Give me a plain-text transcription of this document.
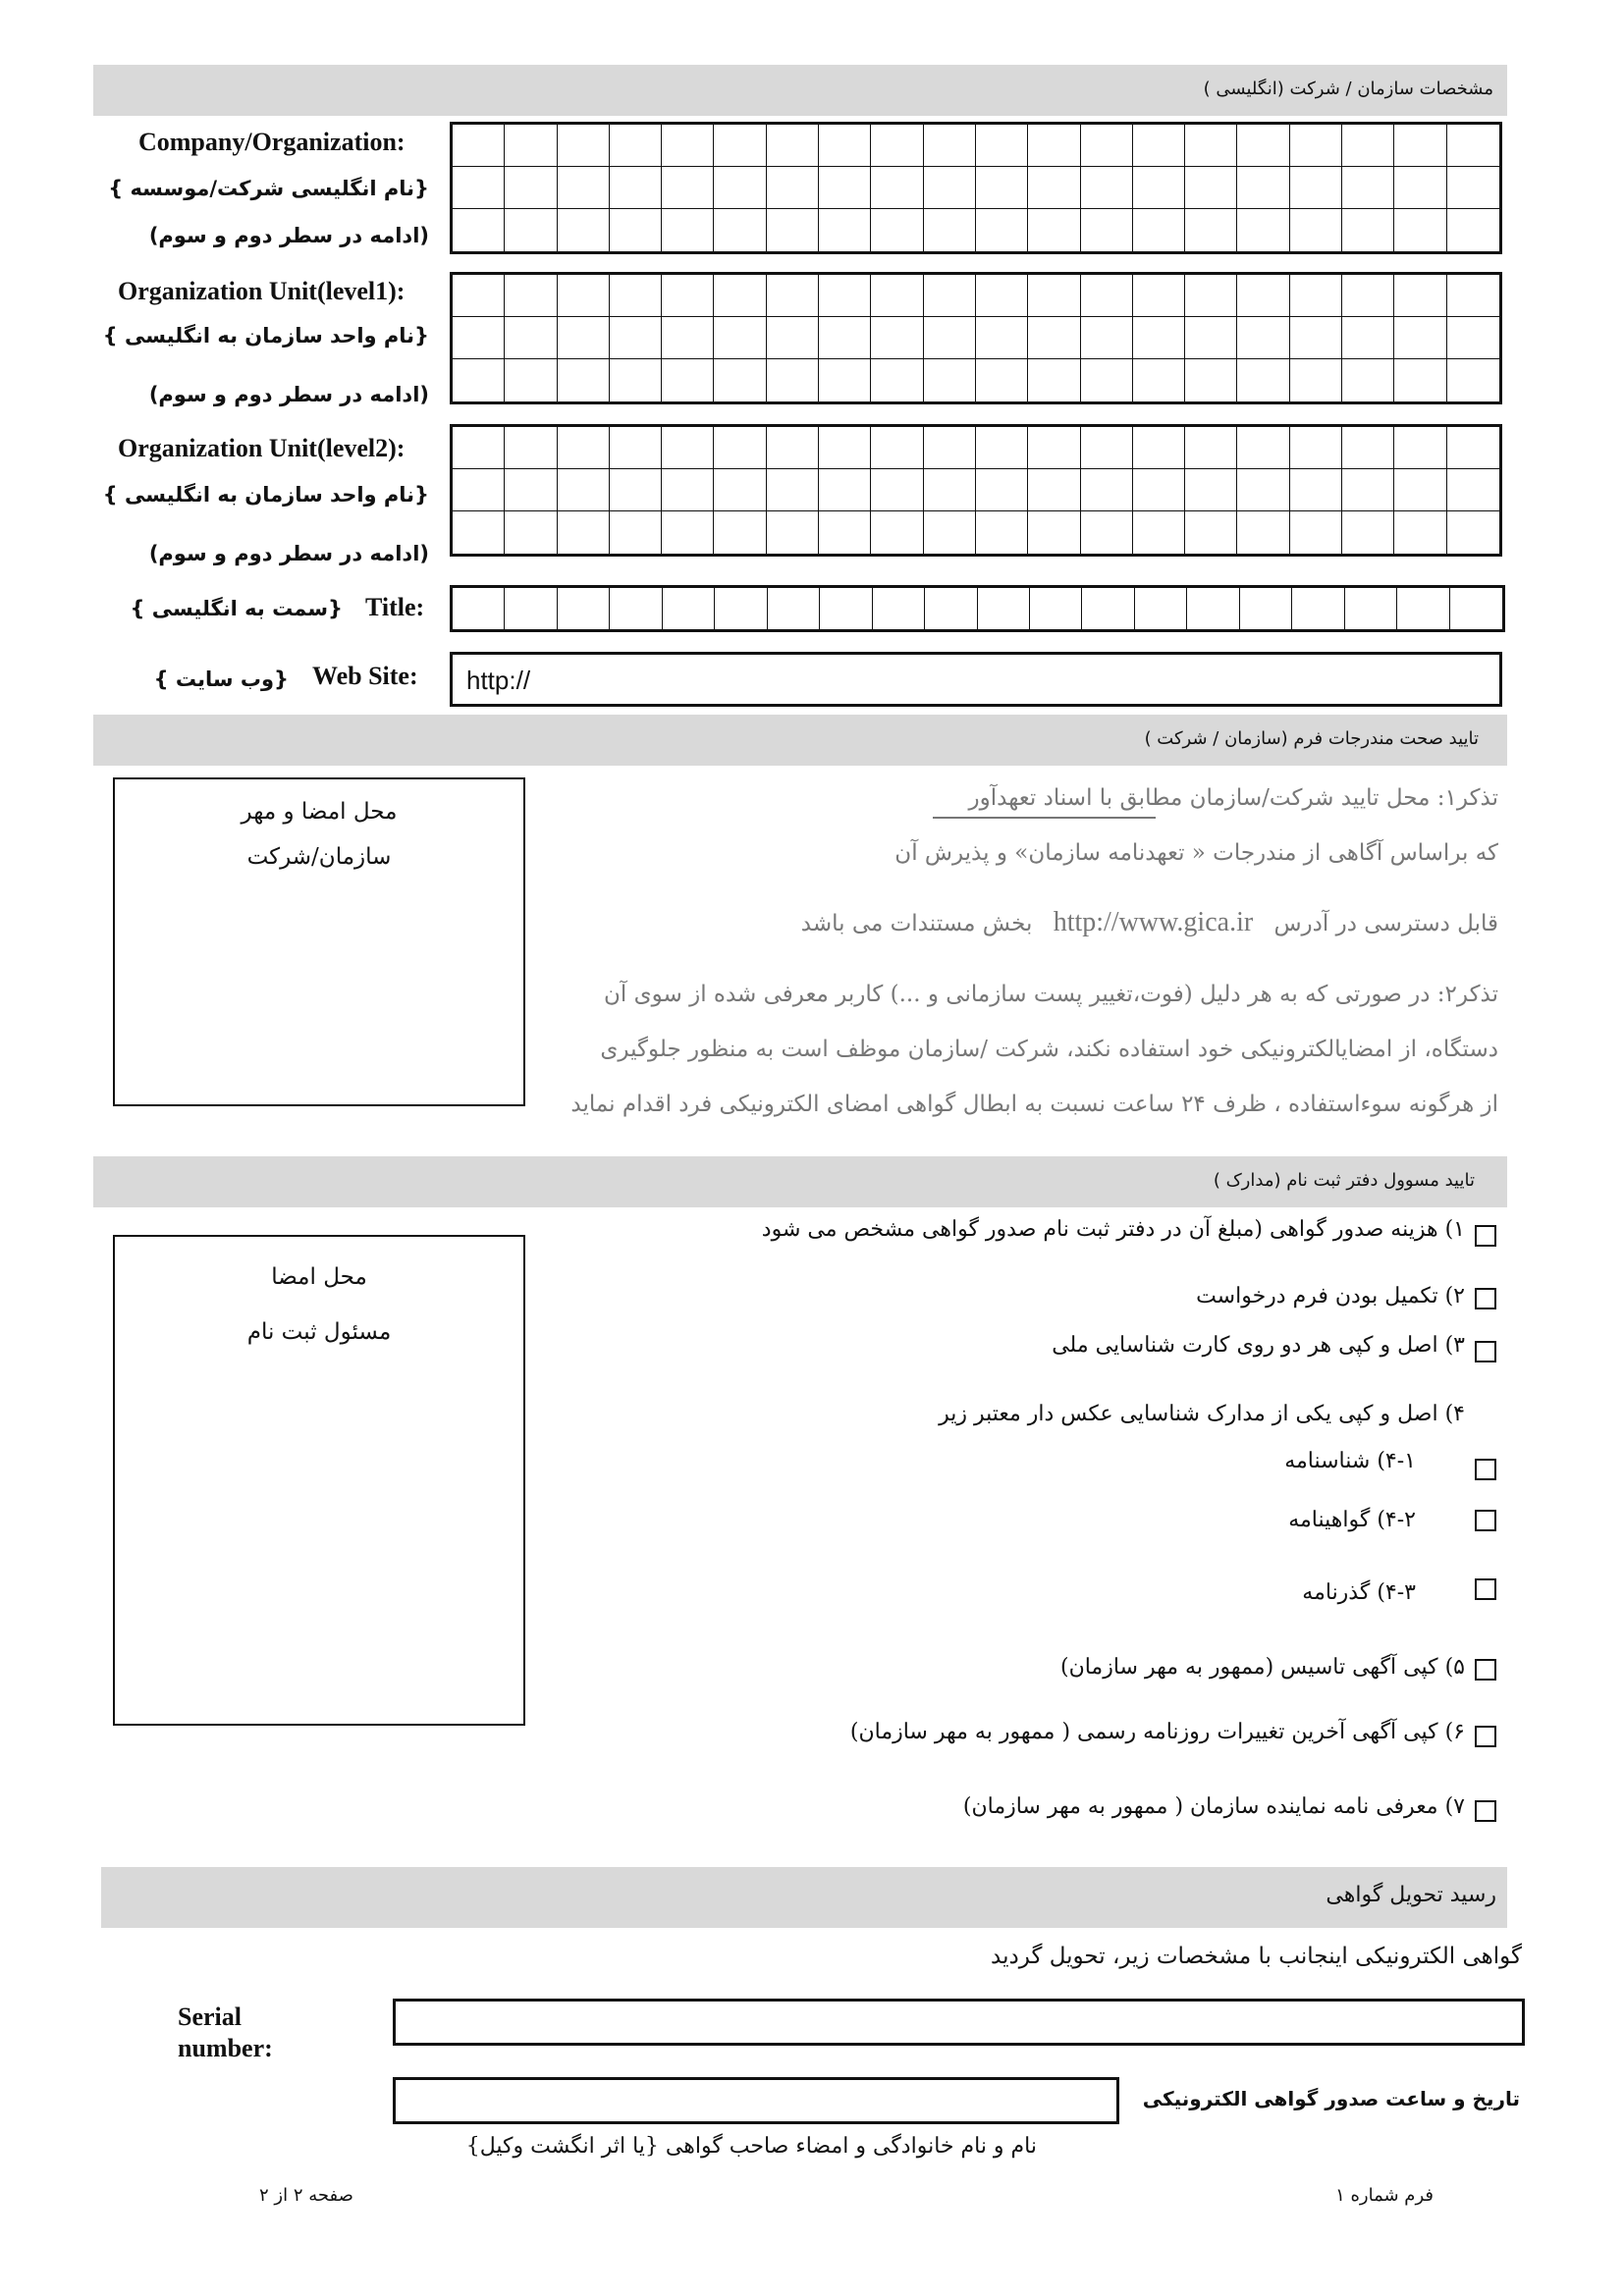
مشخصات سازمان / شرکت (انگلیسی )
Company/Organization:
{نام انگلیسی شرکت/موسسه }
(ادامه در سطر دوم و سوم)
Organization Unit(level1):
{نام واحد سازمان به انگلیسی }
(ادامه در سطر دوم و سوم)
Organization Unit(level2):
{نام واحد سازمان به انگلیسی }
(ادامه در سطر دوم و سوم)
Title:
{سمت به انگلیسی }
Web Site:
{وب سایت }	http://
تایید صحت مندرجات فرم (سازمان / شرکت )
محل امضا و مهر
سازمان/شرکت
تذکر۱: محل تایید شرکت/سازمان مطابق با اسناد تعهدآور
که براساس آگاهی از مندرجات « تعهدنامه سازمان» و پذیرش آن
قابل دسترسی در آدرس http://www.gica.ir بخش مستندات می باشد
تذکر۲: در صورتی که به هر دلیل (فوت،تغییر پست سازمانی و ...) کاربر معرفی شده از سوی آن
دستگاه، از امضایالکترونیکی خود استفاده نکند، شرکت /سازمان موظف است به منظور جلوگیری
از هرگونه سوءاستفاده ، ظرف ۲۴ ساعت نسبت به ابطال گواهی امضای الکترونیکی فرد اقدام نماید
تایید مسوول دفتر ثبت نام (مدارک )
محل امضا
مسئول ثبت نام
۱) هزینه صدور گواهی (مبلغ آن در دفتر ثبت نام صدور گواهی مشخص می شود
۲) تکمیل بودن فرم درخواست
۳) اصل و کپی هر دو روی کارت شناسایی ملی
۴) اصل و کپی یکی از مدارک شناسایی عکس دار معتبر زیر
۴-۱) شناسنامه
۴-۲) گواهینامه
۴-۳) گذرنامه
۵) کپی آگهی تاسیس (ممهور به مهر سازمان)
۶) کپی آگهی آخرین تغییرات روزنامه رسمی ( ممهور به مهر سازمان)
۷) معرفی نامه نماینده سازمان ( ممهور به مهر سازمان)
رسید تحویل گواهی
گواهی الکترونیکی اینجانب با مشخصات زیر، تحویل گردید
Serial
number:
تاریخ و ساعت صدور گواهی الکترونیکی
نام و نام خانوادگی و امضاء صاحب گواهی {یا اثر انگشت وکیل}
فرم شماره ۱
صفحه ۲ از ۲
